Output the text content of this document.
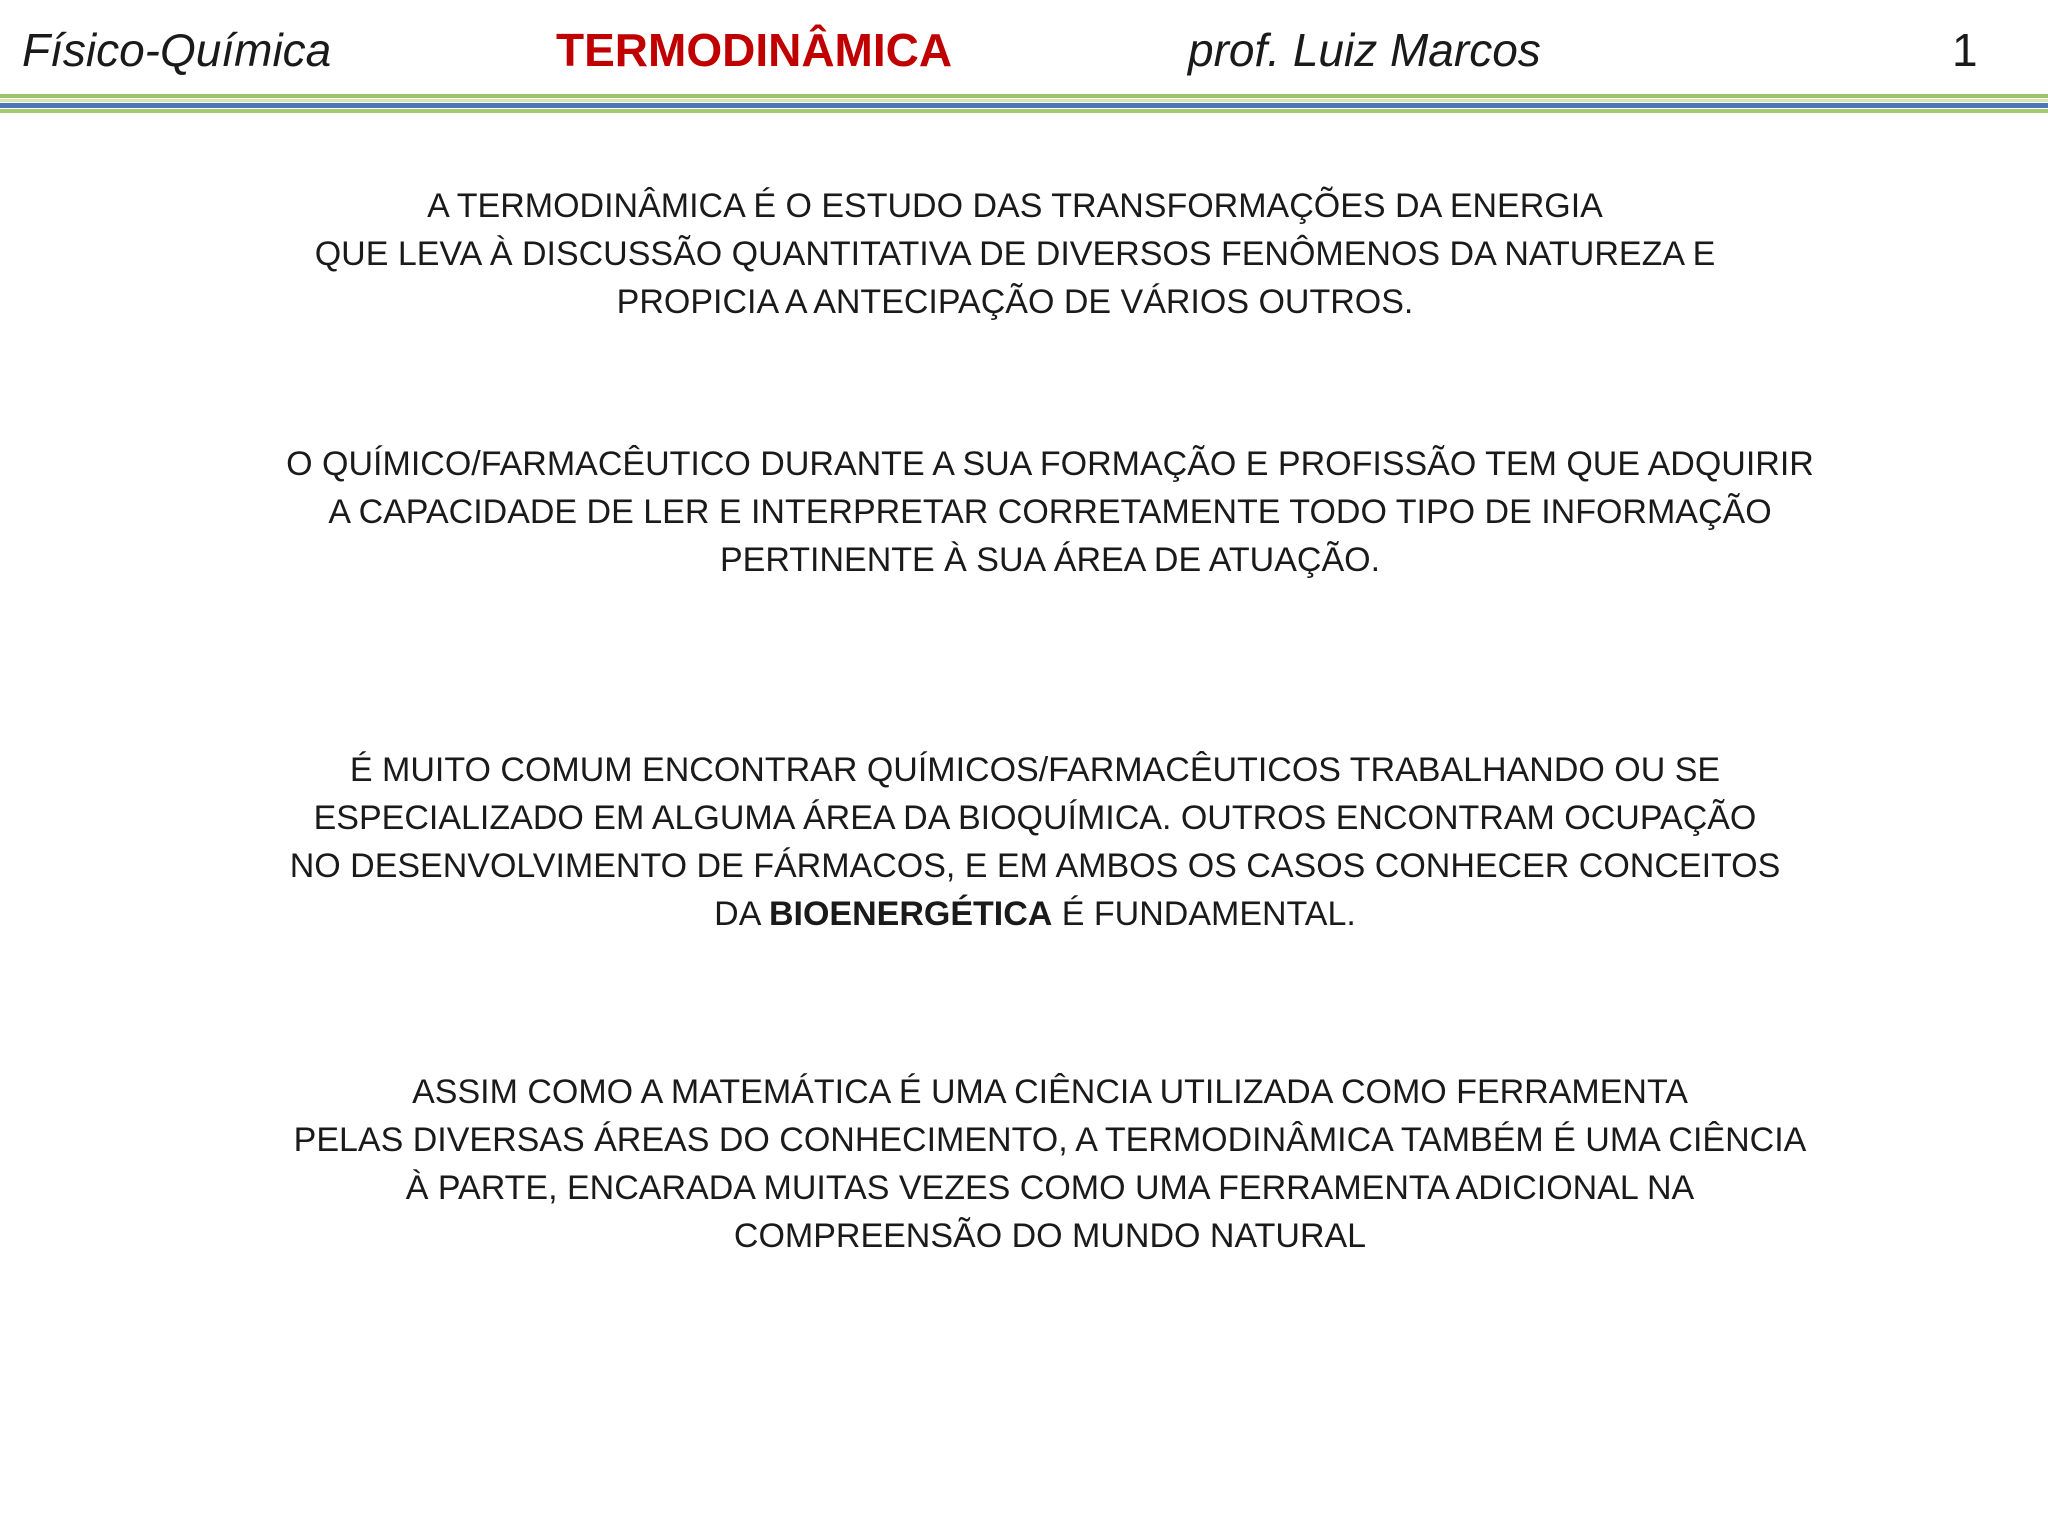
Físico-Química	TERMODINÂMICA	prof. Luiz Marcos	1
A TERMODINÂMICA É O ESTUDO DAS TRANSFORMAÇÕES DA ENERGIA
QUE LEVA À DISCUSSÃO QUANTITATIVA DE DIVERSOS FENÔMENOS DA NATUREZA E
PROPICIA A ANTECIPAÇÃO DE VÁRIOS OUTROS.
O QUÍMICO/FARMACÊUTICO DURANTE A SUA FORMAÇÃO E PROFISSÃO TEM QUE ADQUIRIR
A CAPACIDADE DE LER E INTERPRETAR CORRETAMENTE TODO TIPO DE INFORMAÇÃO
PERTINENTE À SUA ÁREA DE ATUAÇÃO.
É MUITO COMUM ENCONTRAR QUÍMICOS/FARMACÊUTICOS TRABALHANDO OU SE
ESPECIALIZADO EM ALGUMA ÁREA DA BIOQUÍMICA. OUTROS ENCONTRAM OCUPAÇÃO
NO DESENVOLVIMENTO DE FÁRMACOS, E EM AMBOS OS CASOS CONHECER CONCEITOS
DA BIOENERGÉTICA É FUNDAMENTAL.
ASSIM COMO A MATEMÁTICA É UMA CIÊNCIA UTILIZADA COMO FERRAMENTA
PELAS DIVERSAS ÁREAS DO CONHECIMENTO, A TERMODINÂMICA TAMBÉM É UMA CIÊNCIA
À PARTE, ENCARADA MUITAS VEZES COMO UMA FERRAMENTA ADICIONAL NA
COMPREENSÃO DO MUNDO NATURAL
